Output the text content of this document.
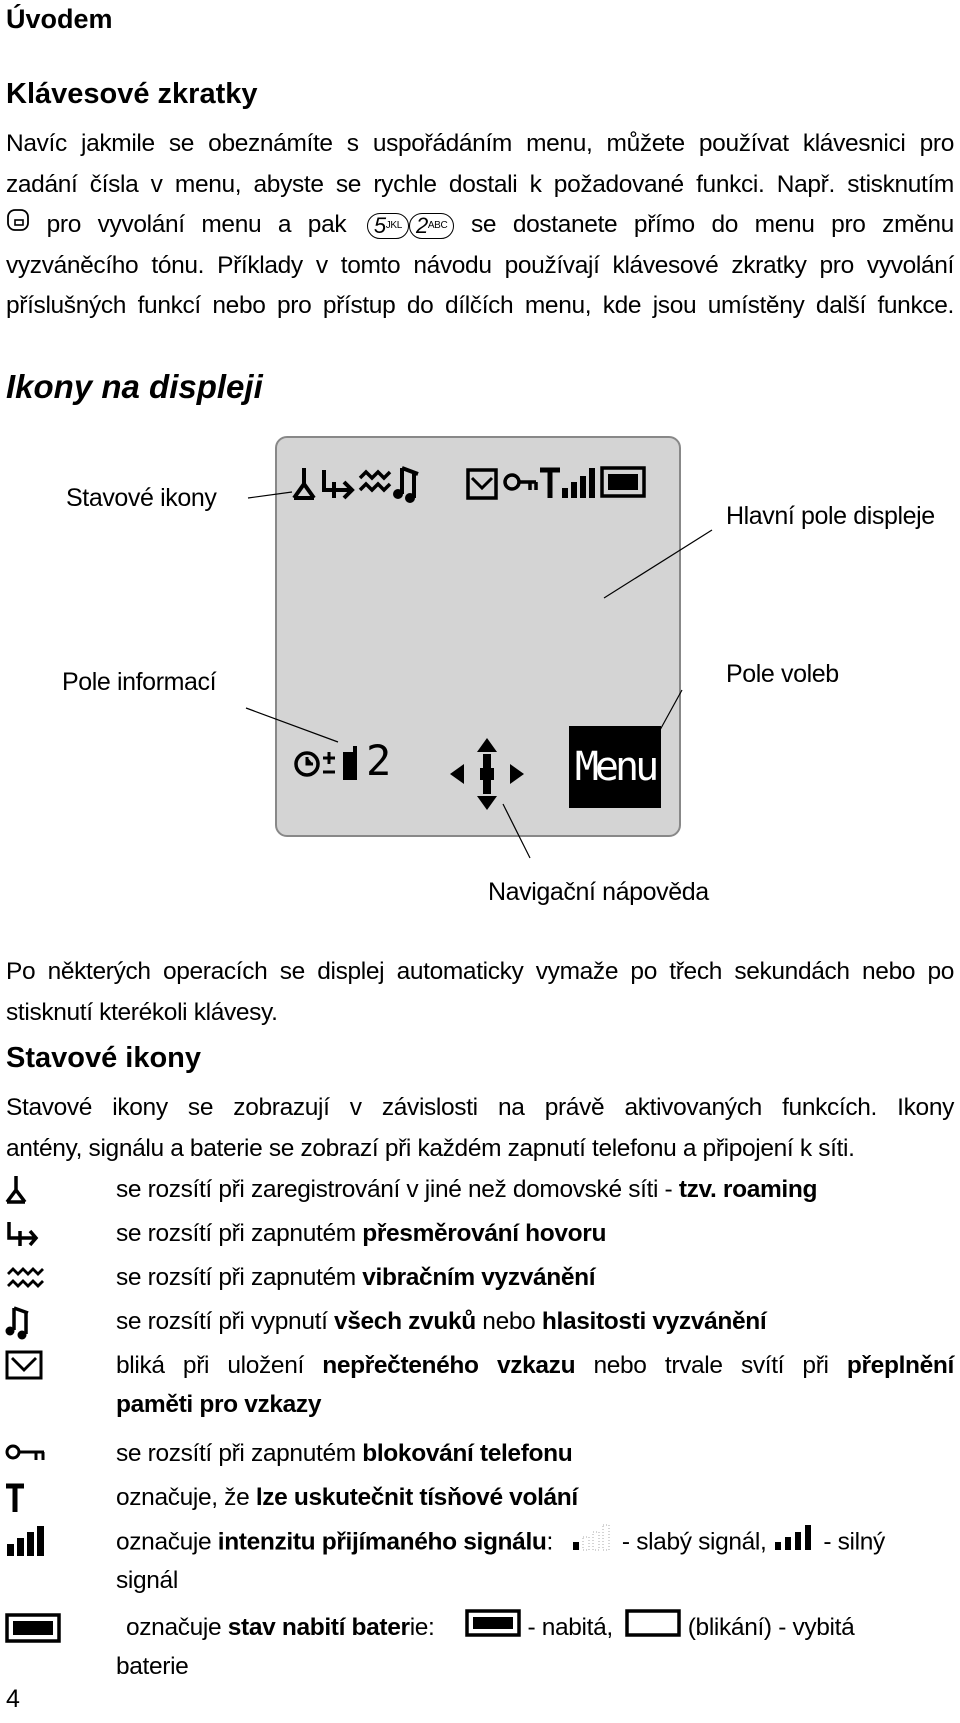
Úvodem
Klávesové zkratky
Navíc jakmile se obeznámíte s uspořádáním menu, můžete používat klávesnici pro
zadání čísla v menu, abyste se rychle dostali k požadované funkci. Např. stisknutím
pro vyvolání menu a pak $5^{JKL}$ $2^{ABC}$ se dostanete přímo do menu pro změnu
vyzváněcího tónu. Příklady v tomto návodu používají klávesové zkratky pro vyvolání
příslušných funkcí nebo pro přístup do dílčích menu, kde jsou umístěny další funkce.
Ikony na displeji
2	Menu
Stavové ikony
Hlavní pole displeje
Pole informací	Pole voleb
Navigační nápověda
Po některých operacích se displej automaticky vymaže po třech sekundách nebo po
stisknutí kterékoli klávesy.
Stavové ikony
Stavové ikony se zobrazují v závislosti na právě aktivovaných funkcích. Ikony
antény, signálu a baterie se zobrazí při každém zapnutí telefonu a připojení k síti.
se rozsítí při zaregistrování v jiné než domovské síti - tzv. roaming
se rozsítí při zapnutém přesměrování hovoru
se rozsítí při zapnutém vibračním vyzvánění
se rozsítí při vypnutí všech zvuků nebo hlasitosti vyzvánění
bliká při uložení nepřečteného vzkazu nebo trvale svítí při přeplnění
paměti pro vzkazy
se rozsítí při zapnutém blokování telefonu
označuje, že lze uskutečnit tísňové volání
označuje intenzitu přijímaného signálu:	- slabý signál,  - silný
signál
označuje stav nabití baterie:	- nabitá,	(blikání) - vybitá
baterie
4
